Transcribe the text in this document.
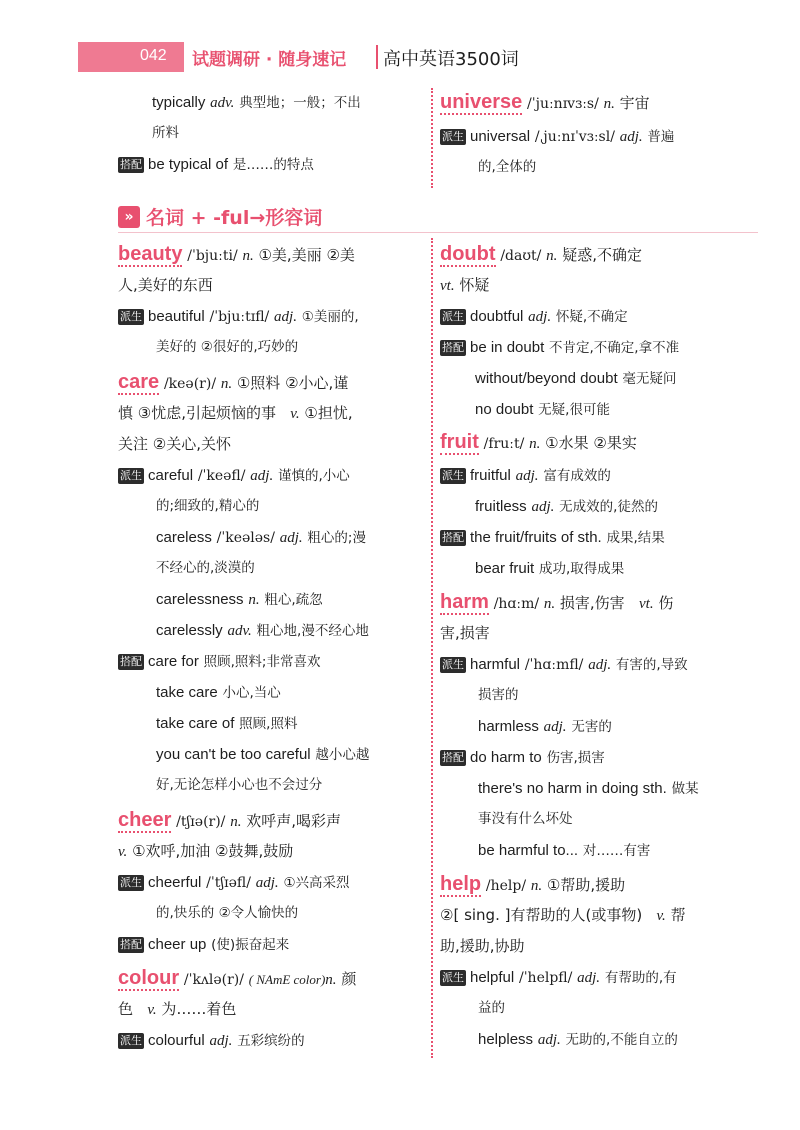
042 试题调研 · 随身速记 高中英语3500词
typically adv. 典型地；一般；不出
所料
搭配 be typical of 是……的特点
universe /ˈjuːnɪvɜːs/ n. 宇宙
派生 universal /ˌjuːnɪˈvɜːsl/ adj. 普遍
的,全体的
» 名词 + -ful→形容词
beauty /ˈbjuːti/ n. ①美,美丽 ②美
人,美好的东西
派生 beautiful /ˈbjuːtɪfl/ adj. ①美丽的,
美好的 ②很好的,巧妙的
care /keə(r)/ n. ①照料 ②小心,谨
慎 ③忧虑,引起烦恼的事 v. ①担忧,
关注 ②关心,关怀
派生 careful /ˈkeəfl/ adj. 谨慎的,小心
的;细致的,精心的
careless /ˈkeələs/ adj. 粗心的;漫
不经心的,淡漠的
carelessness n. 粗心,疏忽
carelessly adv. 粗心地,漫不经心地
搭配 care for 照顾,照料;非常喜欢
take care 小心,当心
take care of 照顾,照料
you can't be too careful 越小心越
好,无论怎样小心也不会过分
cheer /tʃɪə(r)/ n. 欢呼声,喝彩声
v. ①欢呼,加油 ②鼓舞,鼓励
派生 cheerful /ˈtʃɪəfl/ adj. ①兴高采烈
的,快乐的 ②令人愉快的
搭配 cheer up (使)振奋起来
colour /ˈkʌlə(r)/ ( NAmE color)n. 颜
色 v. 为……着色
派生 colourful adj. 五彩缤纷的
doubt /daʊt/ n. 疑惑,不确定
vt. 怀疑
派生 doubtful adj. 怀疑,不确定
搭配 be in doubt 不肯定,不确定,拿不准
without/beyond doubt 毫无疑问
no doubt 无疑,很可能
fruit /fruːt/ n. ①水果 ②果实
派生 fruitful adj. 富有成效的
fruitless adj. 无成效的,徒然的
搭配 the fruit/fruits of sth. 成果,结果
bear fruit 成功,取得成果
harm /hɑːm/ n. 损害,伤害 vt. 伤
害,损害
派生 harmful /ˈhɑːmfl/ adj. 有害的,导致
损害的
harmless adj. 无害的
搭配 do harm to 伤害,损害
there's no harm in doing sth. 做某
事没有什么坏处
be harmful to... 对……有害
help /help/ n. ①帮助,援助
②[ sing. ]有帮助的人(或事物) v. 帮
助,援助,协助
派生 helpful /ˈhelpfl/ adj. 有帮助的,有
益的
helpless adj. 无助的,不能自立的
